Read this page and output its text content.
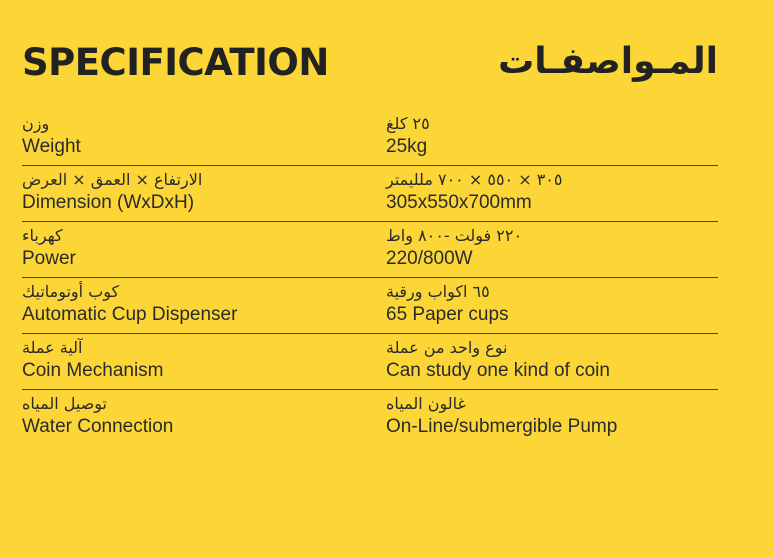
SPECIFICATION	المـواصفـات
وزن
Weight
٢٥ كلغ
25kg
الارتفاع × العمق × العرض
Dimension (WxDxH)
٣٠٥ × ٥٥٠ × ٧٠٠ ملليمتر
305x550x700mm
كهرباء
Power
٢٢٠ فولت -٨٠٠ واط
220/800W
كوب أوتوماتيك
Automatic Cup Dispenser
٦٥ اكواب ورقية
65 Paper cups
آلية عملة
Coin Mechanism
نوع واحد من عملة
Can study one kind of coin
توصيل المياه
Water Connection
غالون المياه
On-Line/submergible Pump
